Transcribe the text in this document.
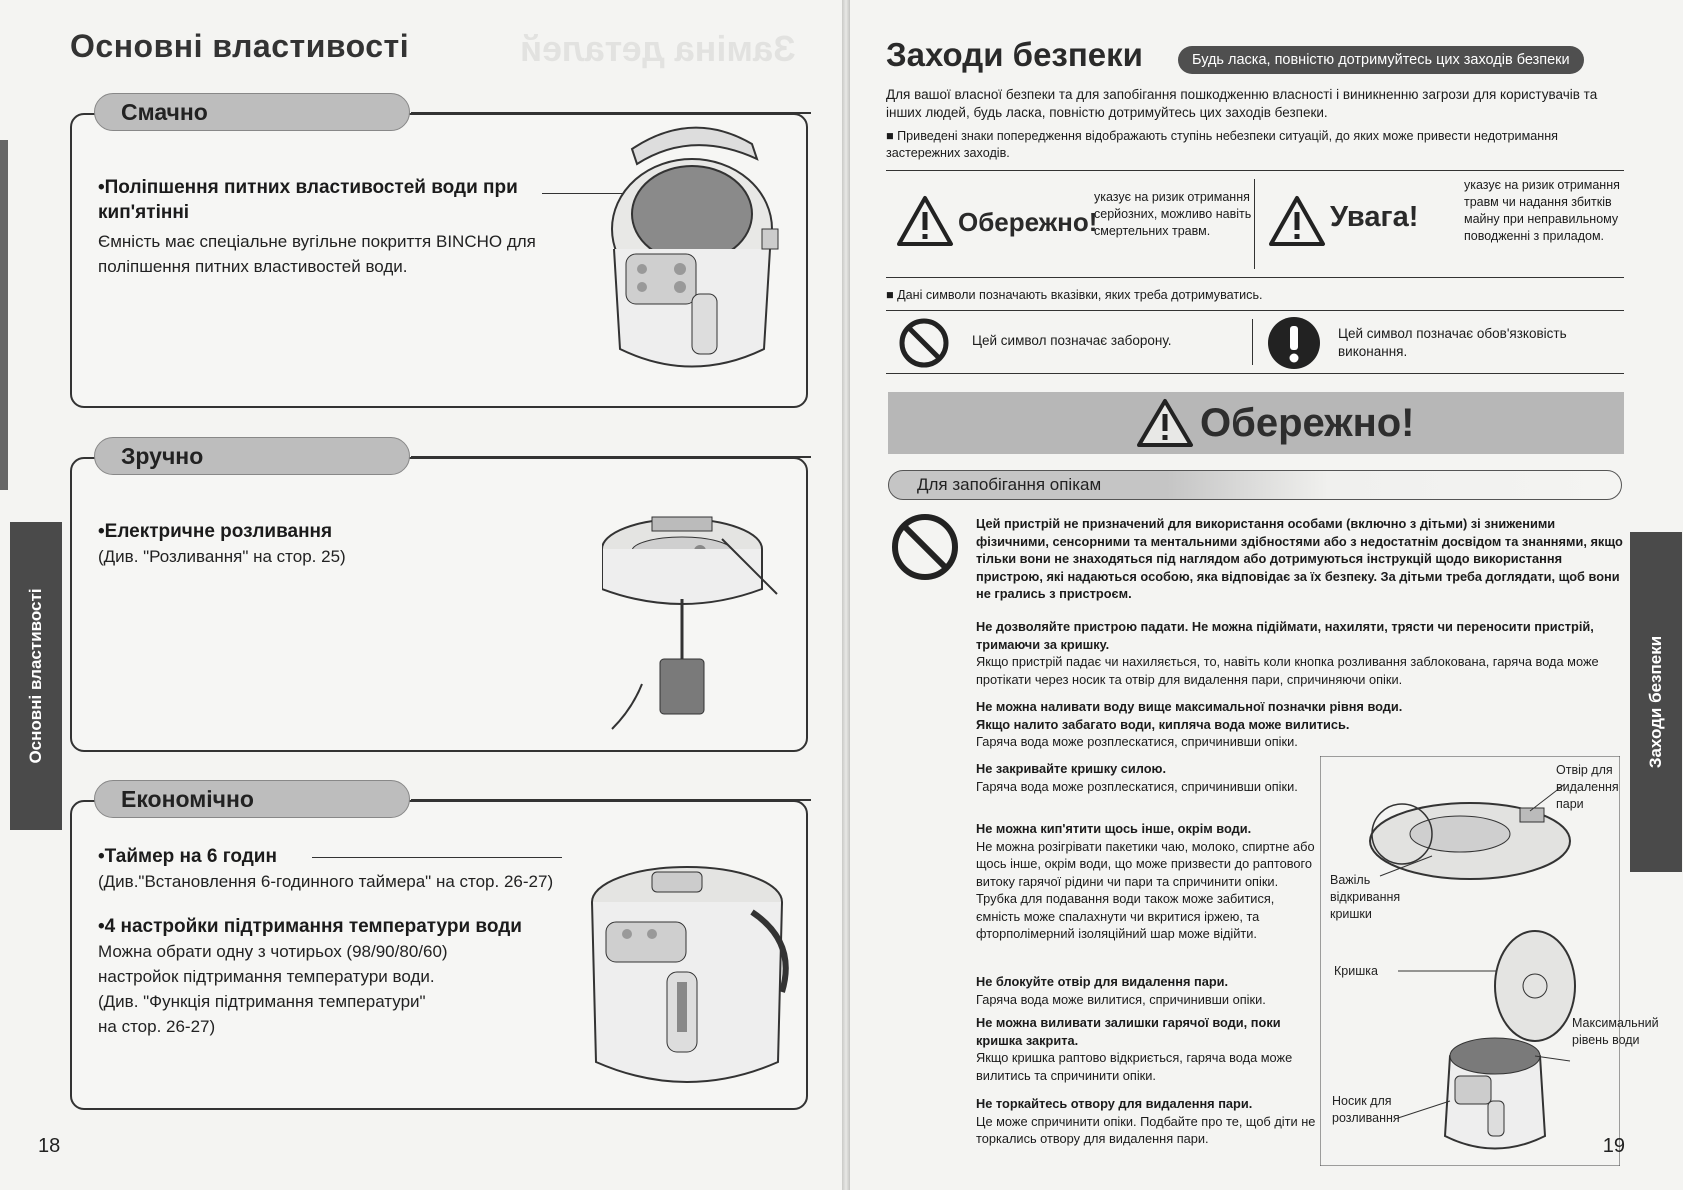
Заміна деталей
Основні властивості
Основні властивості
Смачно
•Поліпшення питних властивостей води при кип'ятінні
Ємність має спеціальне вугільне покриття BINCHO для поліпшення питних властивостей води.
Зручно
•Електричне розливання
(Див. "Розливання" на стор. 25)
Економічно
•Таймер на 6 годин
(Див."Встановлення 6-годинного таймера" на стор. 26-27)
•4 настройки підтримання температури води
Можна обрати одну з чотирьох (98/90/80/60) настройок підтримання температури води.
(Див. "Функція підтримання температури"
на стор. 26-27)
18
Заходи безпеки	Будь ласка, повністю дотримуйтесь цих заходів безпеки
Для вашої власної безпеки та для запобігання пошкодженню власності і виникненню загрози для користувачів та інших людей, будь ласка, повністю дотримуйтесь цих заходів безпеки.
■ Приведені знаки попередження відображають ступінь небезпеки ситуацій, до яких може привести недотримання застережних заходів.
Обережно!
указує на ризик отримання серйозних, можливо навіть смертельних травм.	Увага!
указує на ризик отримання травм чи надання збитків майну при неправильному поводженні з приладом.
■ Дані символи позначають вказівки, яких треба дотримуватись.
Цей символ позначає заборону.	Цей символ позначає обов'язковість виконання.
Обережно!
Для запобігання опікам

Цей пристрій не призначений для використання особами (включно з дітьми) зі зниженими фізичними, сенсорними та ментальними здібностями або з недостатнім досвідом та знаннями, якщо тільки вони не знаходяться під наглядом або дотримуються інструкцій щодо використання пристрою, які надаються особою, яка відповідає за їх безпеку. За дітьми треба доглядати, щоб вони не грались з пристроєм.

Не дозволяйте пристрою падати. Не можна підіймати, нахиляти, трясти чи переносити пристрій, тримаючи за кришку.
Якщо пристрій падає чи нахиляється, то, навіть коли кнопка розливання заблокована, гаряча вода може протікати через носик та отвір для видалення пари, спричиняючи опіки.

Не можна наливати воду вище максимальної позначки рівня води.
Якщо налито забагато води, кипляча вода може вилитись.
Гаряча вода може розплескатися, спричинивши опіки.

Не закривайте кришку силою.
Гаряча вода може розплескатися, спричинивши опіки.

Не можна кип'ятити щось інше, окрім води.
Не можна розігрівати пакетики чаю, молоко, спиртне або щось інше, окрім води, що може призвести до раптового витоку гарячої рідини чи пари та спричинити опіки.
Трубка для подавання води також може забитися, ємність може спалахнути чи вкритися іржею, та фторполімерний ізоляційний шар може відійти.

Не блокуйте отвір для видалення пари.
Гаряча вода може вилитися, спричинивши опіки.

Не можна виливати залишки гарячої води, поки кришка закрита.
Якщо кришка раптово відкриється, гаряча вода може вилитись та спричинити опіки.

Не торкайтесь отвору для видалення пари.
Це може спричинити опіки. Подбайте про те, щоб діти не торкались отвору для видалення пари.

Отвір для видалення пари
Важіль відкривання кришки
Кришка
Максимальний рівень води
Носик для розливання
Заходи безпеки
19
